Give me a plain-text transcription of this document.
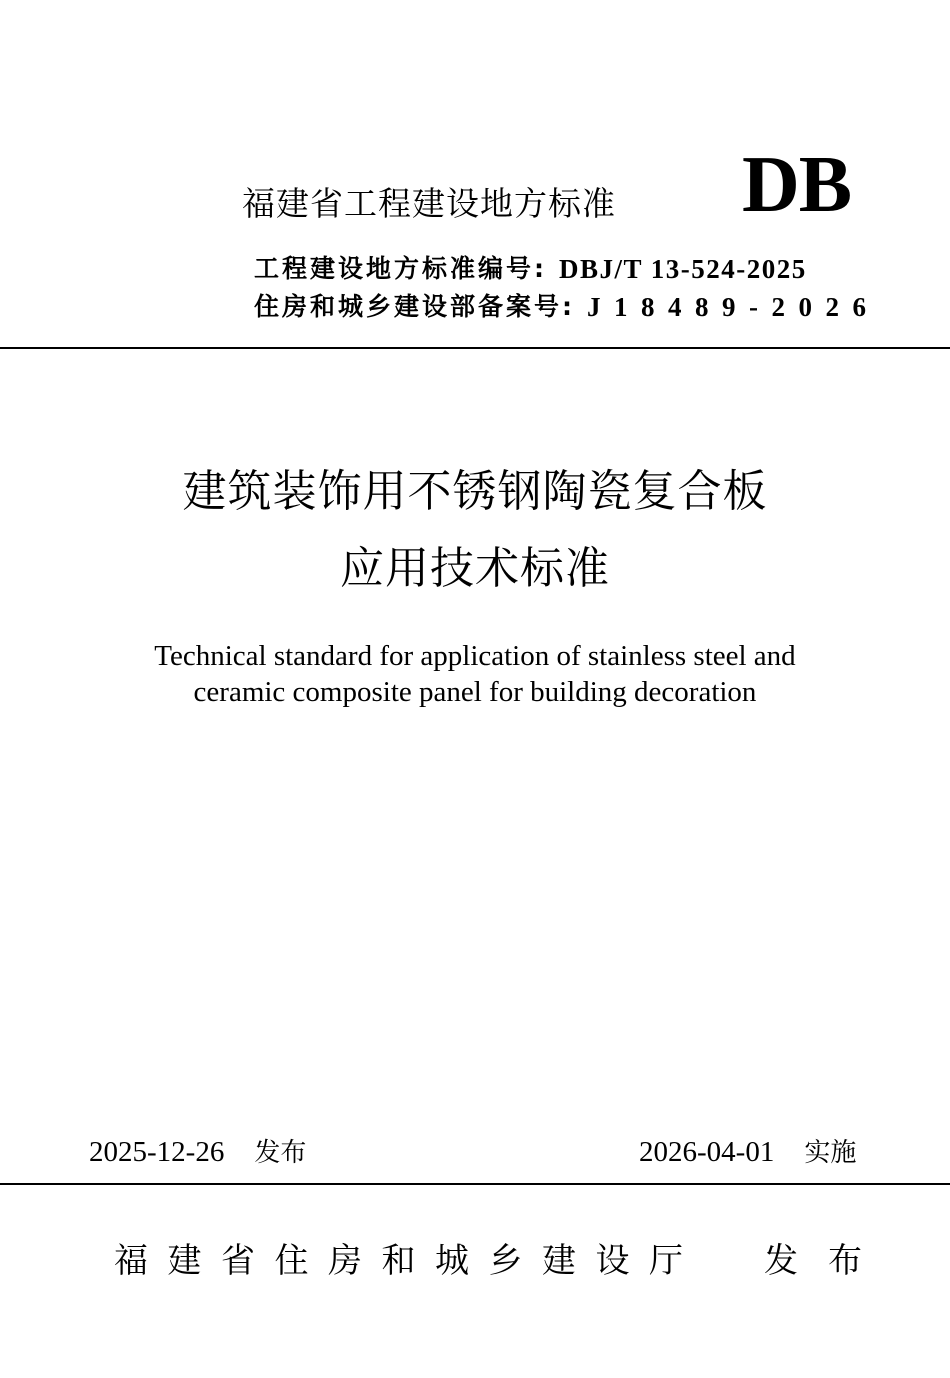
福建省工程建设地方标准 DB
工程建设地方标准编号: DBJ/T 13-524-2025
住房和城乡建设部备案号: J18489-2026
建筑装饰用不锈钢陶瓷复合板
应用技术标准
Technical standard for application of stainless steel and
ceramic composite panel for building decoration
2025-12-26 发布	2026-04-01 实施
福建省住房和城乡建设厅 发布
